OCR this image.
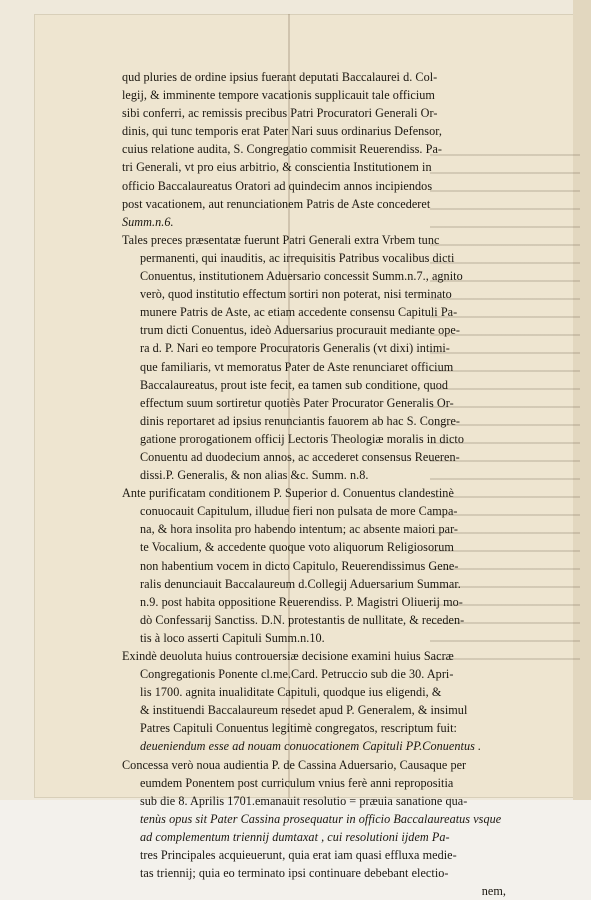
qud pluries de ordine ipsius fuerant deputati Baccalaurei d. Col-
legij, & imminente tempore vacationis supplicauit tale officium
sibi conferri, ac remissis precibus Patri Procuratori Generali Or-
dinis, qui tunc temporis erat Pater Nari suus ordinarius Defensor,
cuius relatione audita, S. Congregatio commisit Reuerendiss. Pa-
tri Generali, vt pro eius arbitrio, & conscientia Institutionem in
officio Baccalaureatus Oratori ad quindecim annos incipiendos
post vacationem, aut renunciationem Patris de Aste concederet
Summ.n.6.
Tales preces præsentatæ fuerunt Patri Generali extra Vrbem tunc
permanenti, qui inauditis, ac irrequisitis Patribus vocalibus dicti
Conuentus, institutionem Aduersario concessit Summ.n.7., agnito
verò, quod institutio effectum sortiri non poterat, nisi terminato
munere Patris de Aste, ac etiam accedente consensu Capituli Pa-
trum dicti Conuentus, ideò Aduersarius procurauit mediante ope-
ra d. P. Nari eo tempore Procuratoris Generalis (vt dixi) intimi-
que familiaris, vt memoratus Pater de Aste renunciaret officium
Baccalaureatus, prout iste fecit, ea tamen sub conditione, quod
effectum suum sortiretur quotiès Pater Procurator Generalis Or-
dinis reportaret ad ipsius renunciantis fauorem ab hac S. Congre-
gatione prorogationem officij Lectoris Theologiæ moralis in dicto
Conuentu ad duodecium annos, ac accederet consensus Reueren-
dissi.P. Generalis, & non alias &c. Summ. n.8.
Ante purificatam conditionem P. Superior d. Conuentus clandestinè
conuocauit Capitulum, illudue fieri non pulsata de more Campa-
na, & hora insolita pro habendo intentum; ac absente maiori par-
te Vocalium, & accedente quoque voto aliquorum Religiosorum
non habentium vocem in dicto Capitulo, Reuerendissimus Gene-
ralis denunciauit Baccalaureum d.Collegij Aduersarium Summar.
n.9. post habita oppositione Reuerendiss. P. Magistri Oliuerij mo-
dò Confessarij Sanctiss. D.N. protestantis de nullitate, & receden-
tis à loco asserti Capituli Summ.n.10.
Exindè deuoluta huius controuersiæ decisione examini huius Sacræ
Congregationis Ponente cl.me.Card. Petruccio sub die 30. Apri-
lis 1700. agnita inualiditate Capituli, quodque ius eligendi, &
& instituendi Baccalaureum resedet apud P. Generalem, & insimul
Patres Capituli Conuentus legitimè congregatos, rescriptum fuit:
deueniendum esse ad nouam conuocationem Capituli PP.Conuentus .
Concessa verò noua audientia P. de Cassina Aduersario, Causaque per
eumdem Ponentem post curriculum vnius ferè anni repropositia
sub die 8. Aprilis 1701.emanauit resolutio = præuia sanatione qua-
tenùs opus sit Pater Cassina prosequatur in officio Baccalaureatus vsque
ad complementum triennij dumtaxat , cui resolutioni ijdem Pa-
tres Principales acquieuerunt, quia erat iam quasi effluxa medie-
tas triennij; quia eo terminato ipsi continuare debebant electio-
nem,
